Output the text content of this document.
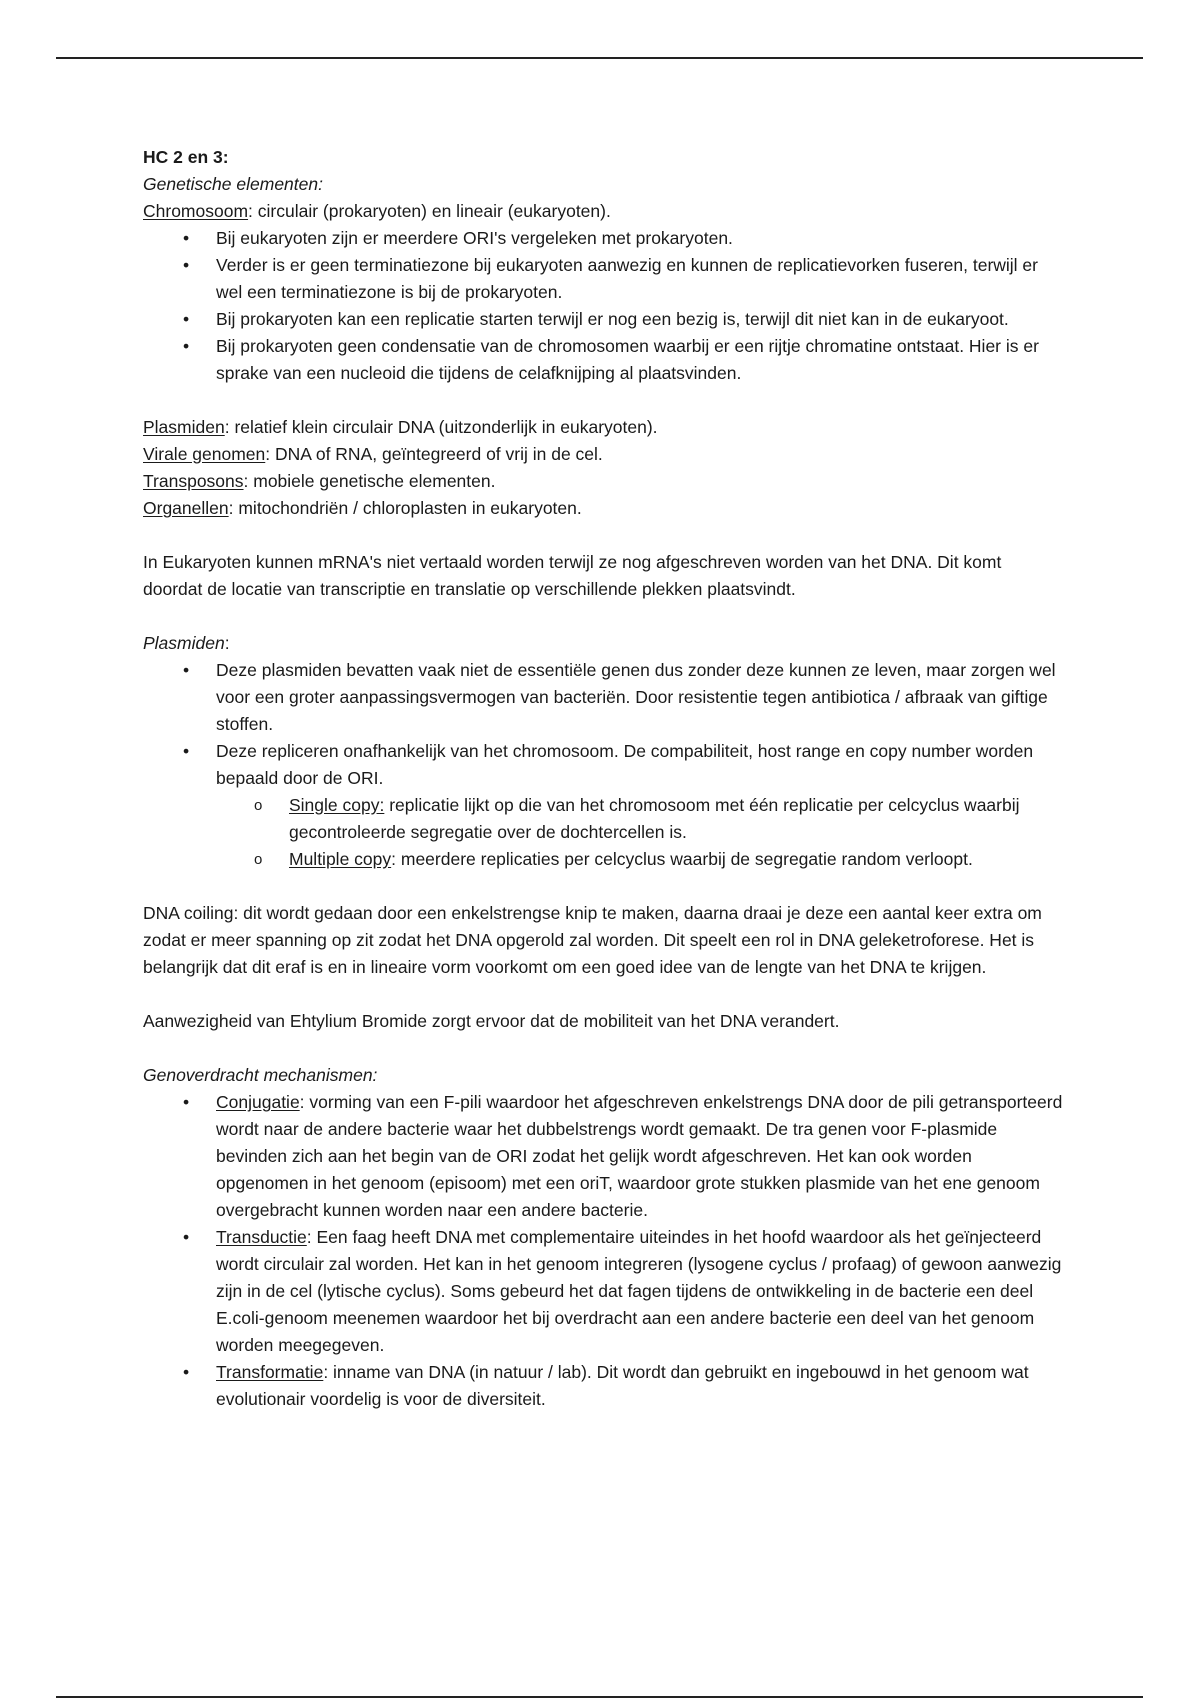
HC 2 en 3:

Genetische elementen:

Chromosoom: circulair (prokaryoten) en lineair (eukaryoten).

• Bij eukaryoten zijn er meerdere ORI's vergeleken met prokaryoten.
• Verder is er geen terminatiezone bij eukaryoten aanwezig en kunnen de replicatievorken fuseren, terwijl er wel een terminatiezone is bij de prokaryoten.
• Bij prokaryoten kan een replicatie starten terwijl er nog een bezig is, terwijl dit niet kan in de eukaryoot.
• Bij prokaryoten geen condensatie van de chromosomen waarbij er een rijtje chromatine ontstaat. Hier is er sprake van een nucleoid die tijdens de celafknijping al plaatsvinden.

Plasmiden: relatief klein circulair DNA (uitzonderlijk in eukaryoten).

Virale genomen: DNA of RNA, geïntegreerd of vrij in de cel.

Transposons: mobiele genetische elementen.

Organellen: mitochondriën / chloroplasten in eukaryoten.

In Eukaryoten kunnen mRNA's niet vertaald worden terwijl ze nog afgeschreven worden van het DNA. Dit komt doordat de locatie van transcriptie en translatie op verschillende plekken plaatsvindt.

Plasmiden:

• Deze plasmiden bevatten vaak niet de essentiële genen dus zonder deze kunnen ze leven, maar zorgen wel voor een groter aanpassingsvermogen van bacteriën. Door resistentie tegen antibiotica / afbraak van giftige stoffen.
• Deze repliceren onafhankelijk van het chromosoom. De compabiliteit, host range en copy number worden bepaald door de ORI.
o Single copy: replicatie lijkt op die van het chromosoom met één replicatie per celcyclus waarbij gecontroleerde segregatie over de dochtercellen is.
o Multiple copy: meerdere replicaties per celcyclus waarbij de segregatie random verloopt.

DNA coiling: dit wordt gedaan door een enkelstrengse knip te maken, daarna draai je deze een aantal keer extra om zodat er meer spanning op zit zodat het DNA opgerold zal worden. Dit speelt een rol in DNA geleketroforese. Het is belangrijk dat dit eraf is en in lineaire vorm voorkomt om een goed idee van de lengte van het DNA te krijgen.

Aanwezigheid van Ehtylium Bromide zorgt ervoor dat de mobiliteit van het DNA verandert.

Genoverdracht mechanismen:

• Conjugatie: vorming van een F-pili waardoor het afgeschreven enkelstrengs DNA door de pili getransporteerd wordt naar de andere bacterie waar het dubbelstrengs wordt gemaakt. De tra genen voor F-plasmide bevinden zich aan het begin van de ORI zodat het gelijk wordt afgeschreven. Het kan ook worden opgenomen in het genoom (episoom) met een oriT, waardoor grote stukken plasmide van het ene genoom overgebracht kunnen worden naar een andere bacterie.
• Transductie: Een faag heeft DNA met complementaire uiteindes in het hoofd waardoor als het geïnjecteerd wordt circulair zal worden. Het kan in het genoom integreren (lysogene cyclus / profaag) of gewoon aanwezig zijn in de cel (lytische cyclus). Soms gebeurd het dat fagen tijdens de ontwikkeling in de bacterie een deel E.coli-genoom meenemen waardoor het bij overdracht aan een andere bacterie een deel van het genoom worden meegegeven.
• Transformatie: inname van DNA (in natuur / lab). Dit wordt dan gebruikt en ingebouwd in het genoom wat evolutionair voordelig is voor de diversiteit.
